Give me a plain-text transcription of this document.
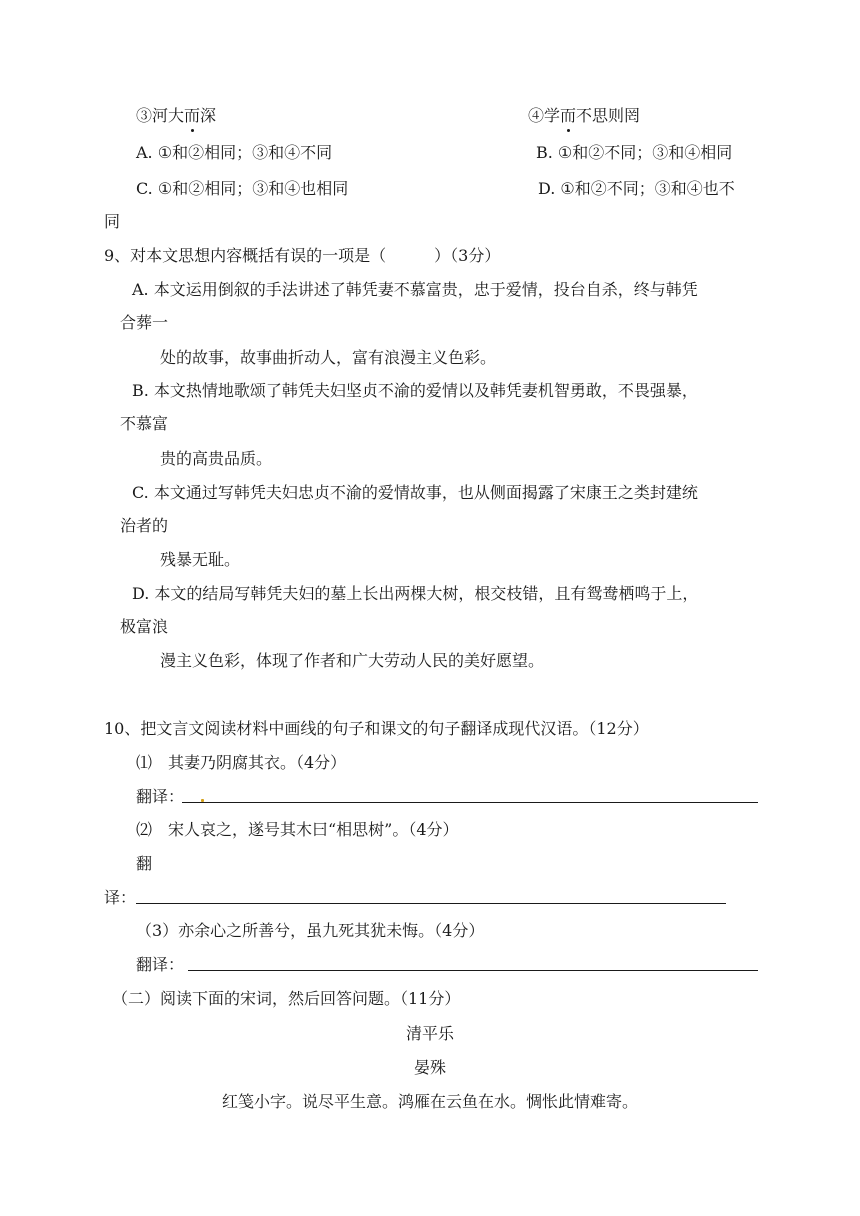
③河大而深	④学而不思则罔
A. ①和②相同；③和④不同	B. ①和②不同；③和④相同
C. ①和②相同；③和④也相同	D. ①和②不同；③和④也不
同
9、对本文思想内容概括有误的一项是（　　　）（3分）
A. 本文运用倒叙的手法讲述了韩凭妻不慕富贵，忠于爱情，投台自杀，终与韩凭
合葬一
处的故事，故事曲折动人，富有浪漫主义色彩。
B. 本文热情地歌颂了韩凭夫妇坚贞不渝的爱情以及韩凭妻机智勇敢，不畏强暴，
不慕富
贵的高贵品质。
C. 本文通过写韩凭夫妇忠贞不渝的爱情故事，也从侧面揭露了宋康王之类封建统
治者的
残暴无耻。
D. 本文的结局写韩凭夫妇的墓上长出两棵大树，根交枝错，且有鸳鸯栖鸣于上，
极富浪
漫主义色彩，体现了作者和广大劳动人民的美好愿望。
10、把文言文阅读材料中画线的句子和课文的句子翻译成现代汉语。（12分）
⑴　其妻乃阴腐其衣。（4分）
翻译：
⑵　宋人哀之，遂号其木曰“相思树”。（4分）
翻
译：
（3）亦余心之所善兮，虽九死其犹未悔。（4分）
翻译：
（二）阅读下面的宋词，然后回答问题。（11分）
清平乐
晏殊
红笺小字。说尽平生意。鸿雁在云鱼在水。惆怅此情难寄。
